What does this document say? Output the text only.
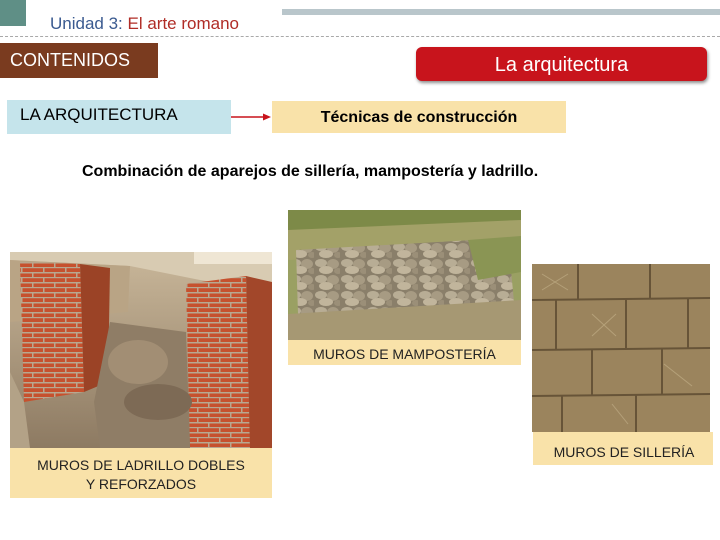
Unidad 3: El arte romano
CONTENIDOS	La arquitectura
LA ARQUITECTURA	Técnicas de construcción
Combinación de aparejos de sillería, mampostería y ladrillo.
MUROS DE LADRILLO DOBLES
Y REFORZADOS
MUROS DE MAMPOSTERÍA
MUROS DE SILLERÍA
